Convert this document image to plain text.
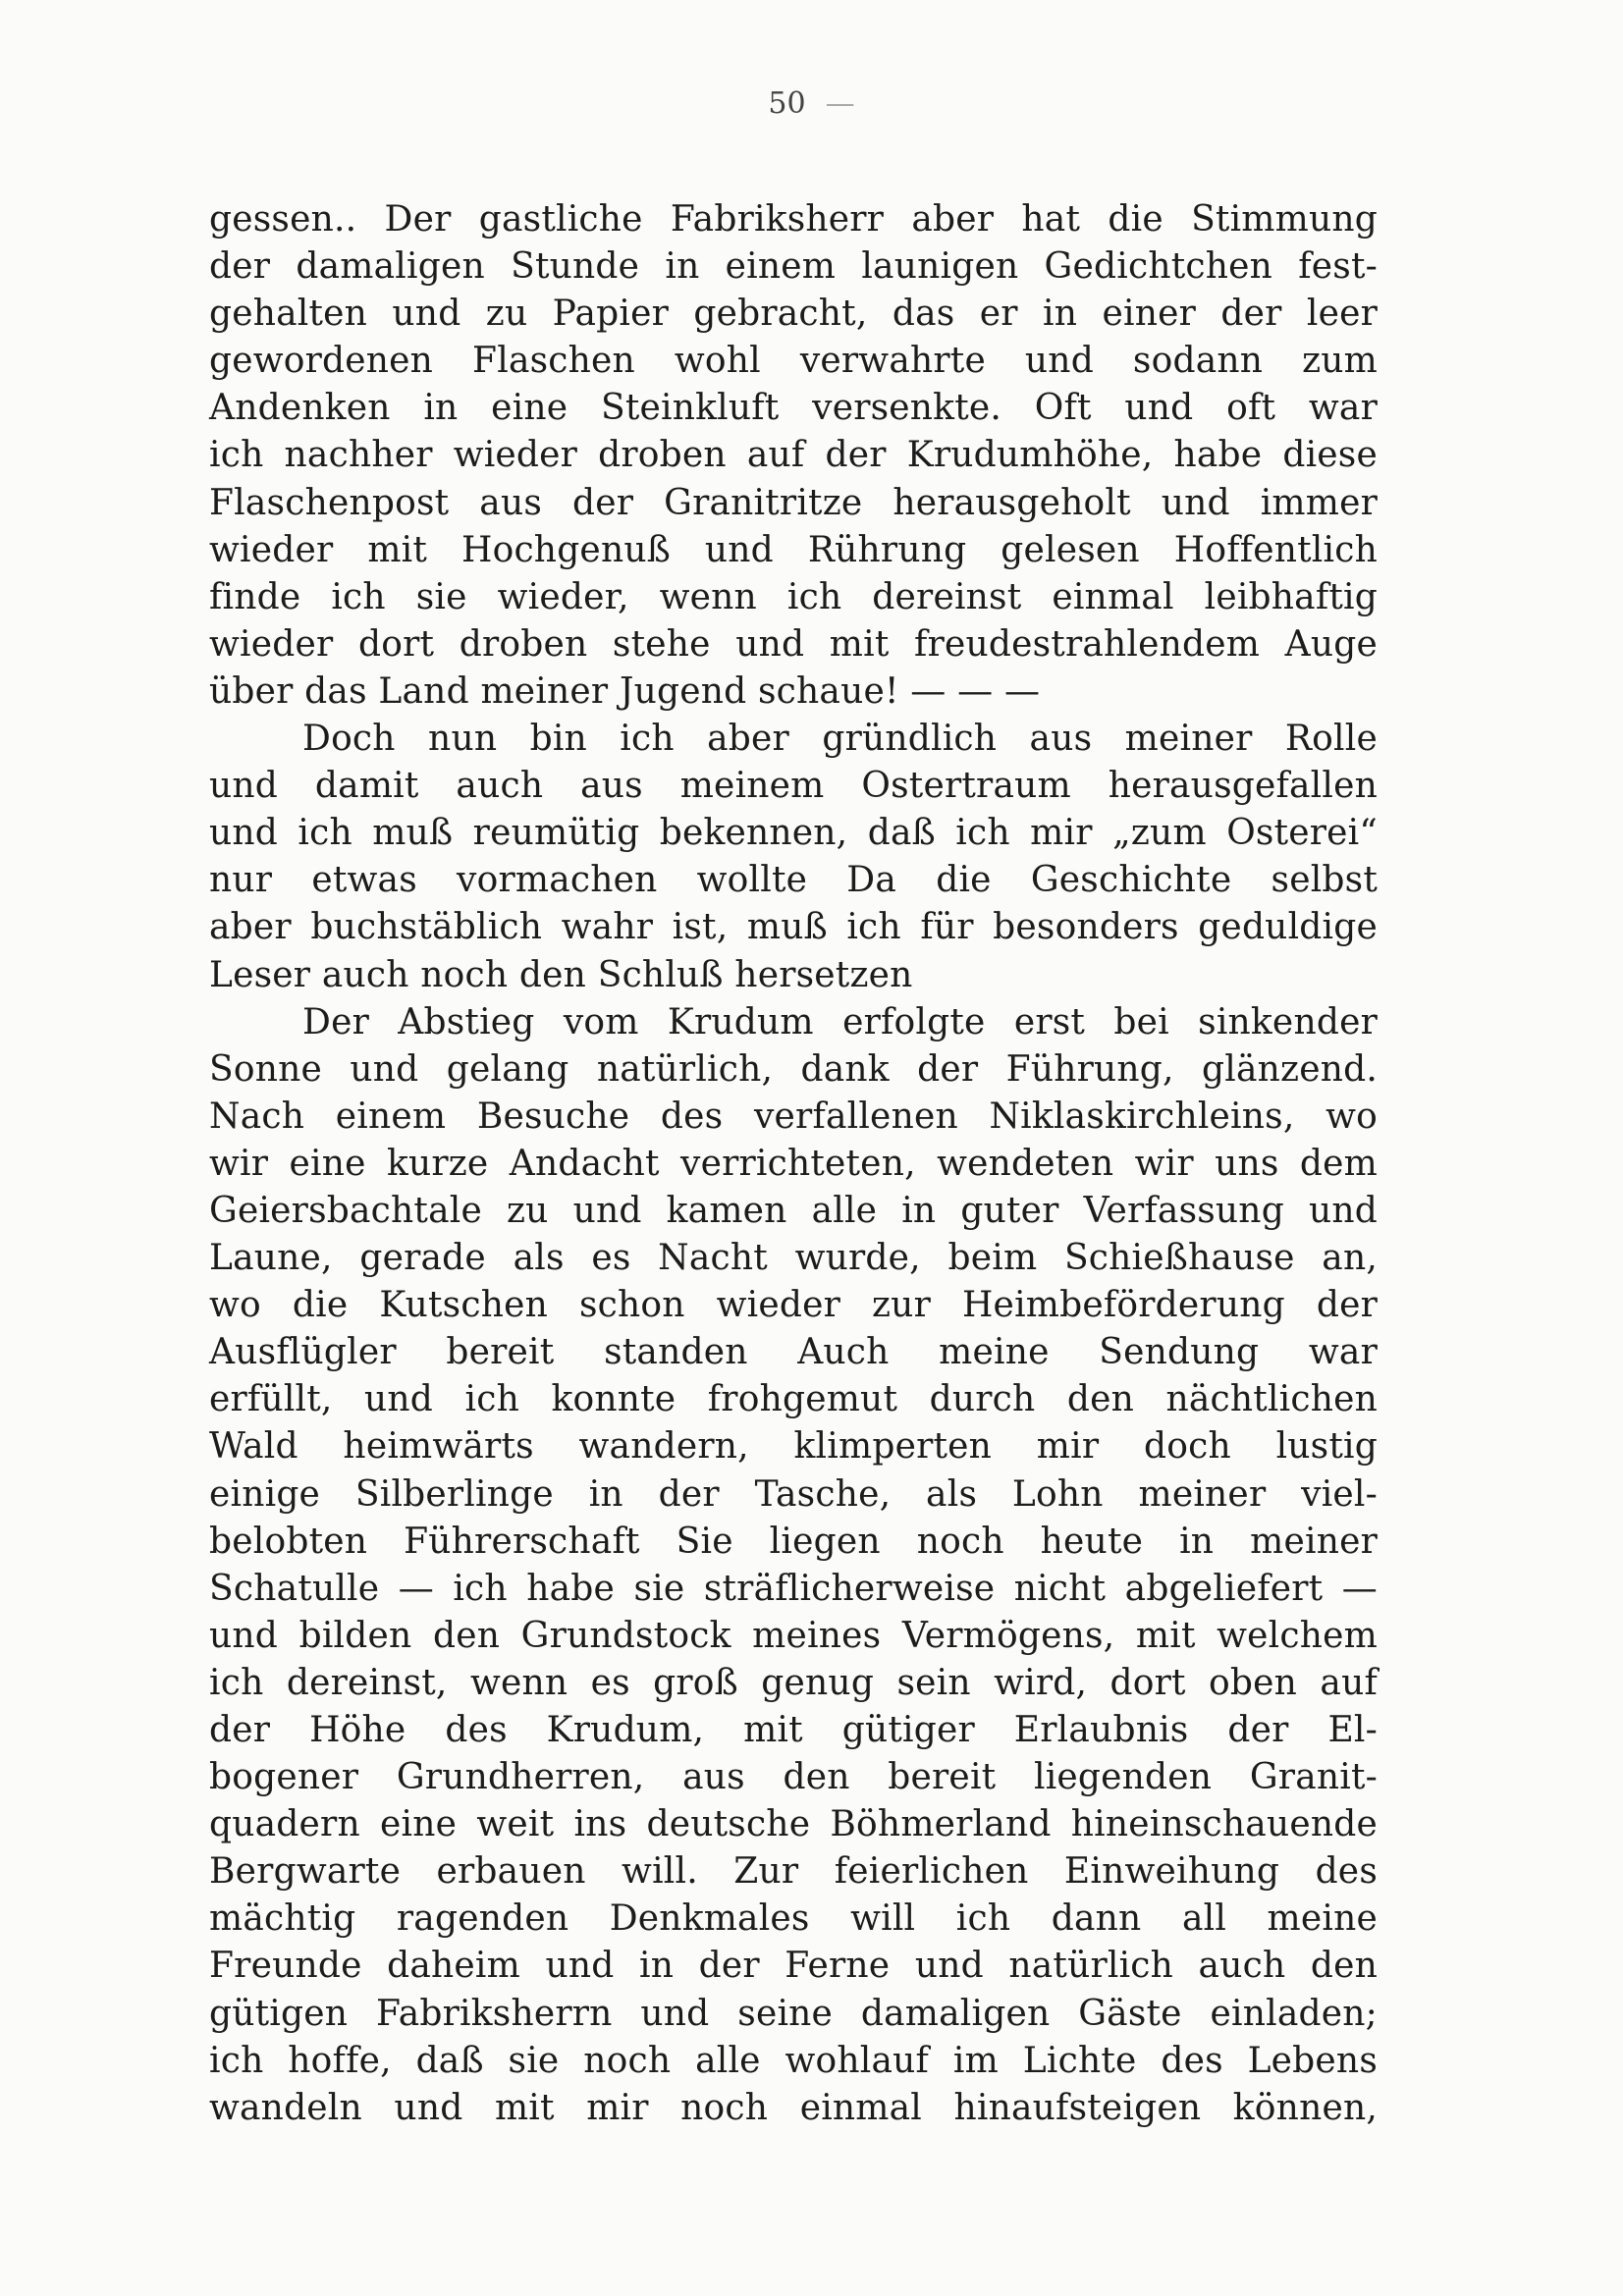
50 —
gessen.. Der gastliche Fabriksherr aber hat die Stimmung
der damaligen Stunde in einem launigen Gedichtchen fest-
gehalten und zu Papier gebracht, das er in einer der leer
gewordenen Flaschen wohl verwahrte und sodann zum
Andenken in eine Steinkluft versenkte. Oft und oft war
ich nachher wieder droben auf der Krudumhöhe, habe diese
Flaschenpost aus der Granitritze herausgeholt und immer
wieder mit Hochgenuß und Rührung gelesen Hoffentlich
finde ich sie wieder, wenn ich dereinst einmal leibhaftig
wieder dort droben stehe und mit freudestrahlendem Auge
über das Land meiner Jugend schaue! — — —
Doch nun bin ich aber gründlich aus meiner Rolle
und damit auch aus meinem Ostertraum herausgefallen
und ich muß reumütig bekennen, daß ich mir „zum Osterei“
nur etwas vormachen wollte Da die Geschichte selbst
aber buchstäblich wahr ist, muß ich für besonders geduldige
Leser auch noch den Schluß hersetzen
Der Abstieg vom Krudum erfolgte erst bei sinkender
Sonne und gelang natürlich, dank der Führung, glänzend.
Nach einem Besuche des verfallenen Niklaskirchleins, wo
wir eine kurze Andacht verrichteten, wendeten wir uns dem
Geiersbachtale zu und kamen alle in guter Verfassung und
Laune, gerade als es Nacht wurde, beim Schießhause an,
wo die Kutschen schon wieder zur Heimbeförderung der
Ausflügler bereit standen Auch meine Sendung war
erfüllt, und ich konnte frohgemut durch den nächtlichen
Wald heimwärts wandern, klimperten mir doch lustig
einige Silberlinge in der Tasche, als Lohn meiner viel-
belobten Führerschaft Sie liegen noch heute in meiner
Schatulle — ich habe sie sträflicherweise nicht abgeliefert —
und bilden den Grundstock meines Vermögens, mit welchem
ich dereinst, wenn es groß genug sein wird, dort oben auf
der Höhe des Krudum, mit gütiger Erlaubnis der El-
bogener Grundherren, aus den bereit liegenden Granit-
quadern eine weit ins deutsche Böhmerland hineinschauende
Bergwarte erbauen will. Zur feierlichen Einweihung des
mächtig ragenden Denkmales will ich dann all meine
Freunde daheim und in der Ferne und natürlich auch den
gütigen Fabriksherrn und seine damaligen Gäste einladen;
ich hoffe, daß sie noch alle wohlauf im Lichte des Lebens
wandeln und mit mir noch einmal hinaufsteigen können,
